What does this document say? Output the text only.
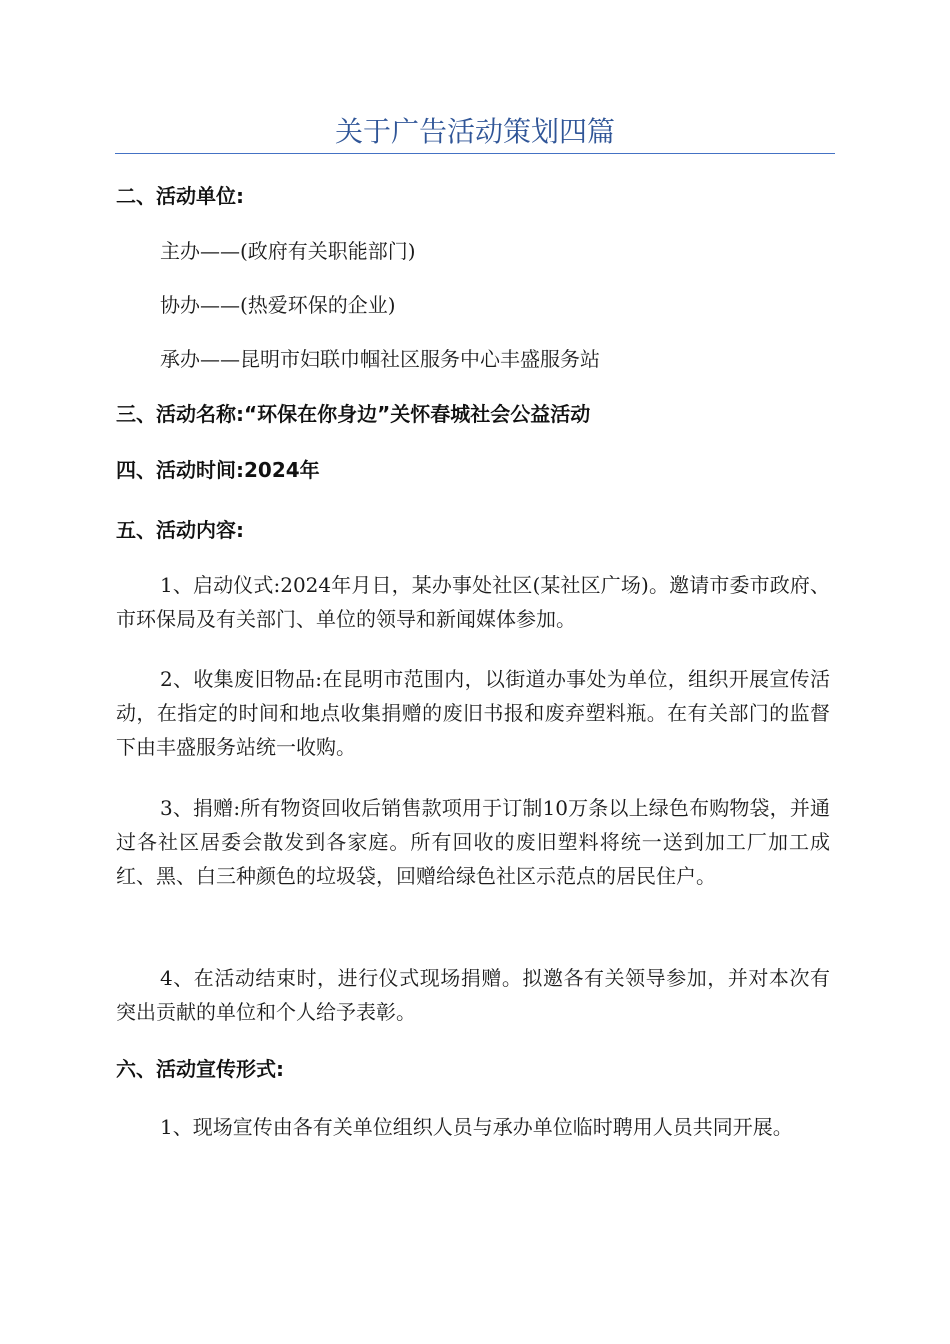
关于广告活动策划四篇
二、活动单位:
主办——(政府有关职能部门)
协办——(热爱环保的企业)
承办——昆明市妇联巾帼社区服务中心丰盛服务站
三、活动名称:“环保在你身边”关怀春城社会公益活动
四、活动时间:2024年
五、活动内容:
1、启动仪式:2024年月日，某办事处社区(某社区广场)。邀请市委市政府、市环保局及有关部门、单位的领导和新闻媒体参加。
2、收集废旧物品:在昆明市范围内，以街道办事处为单位，组织开展宣传活动，在指定的时间和地点收集捐赠的废旧书报和废弃塑料瓶。在有关部门的监督下由丰盛服务站统一收购。
3、捐赠:所有物资回收后销售款项用于订制10万条以上绿色布购物袋，并通过各社区居委会散发到各家庭。所有回收的废旧塑料将统一送到加工厂加工成红、黑、白三种颜色的垃圾袋，回赠给绿色社区示范点的居民住户。
4、在活动结束时，进行仪式现场捐赠。拟邀各有关领导参加，并对本次有突出贡献的单位和个人给予表彰。
六、活动宣传形式:
1、现场宣传由各有关单位组织人员与承办单位临时聘用人员共同开展。
